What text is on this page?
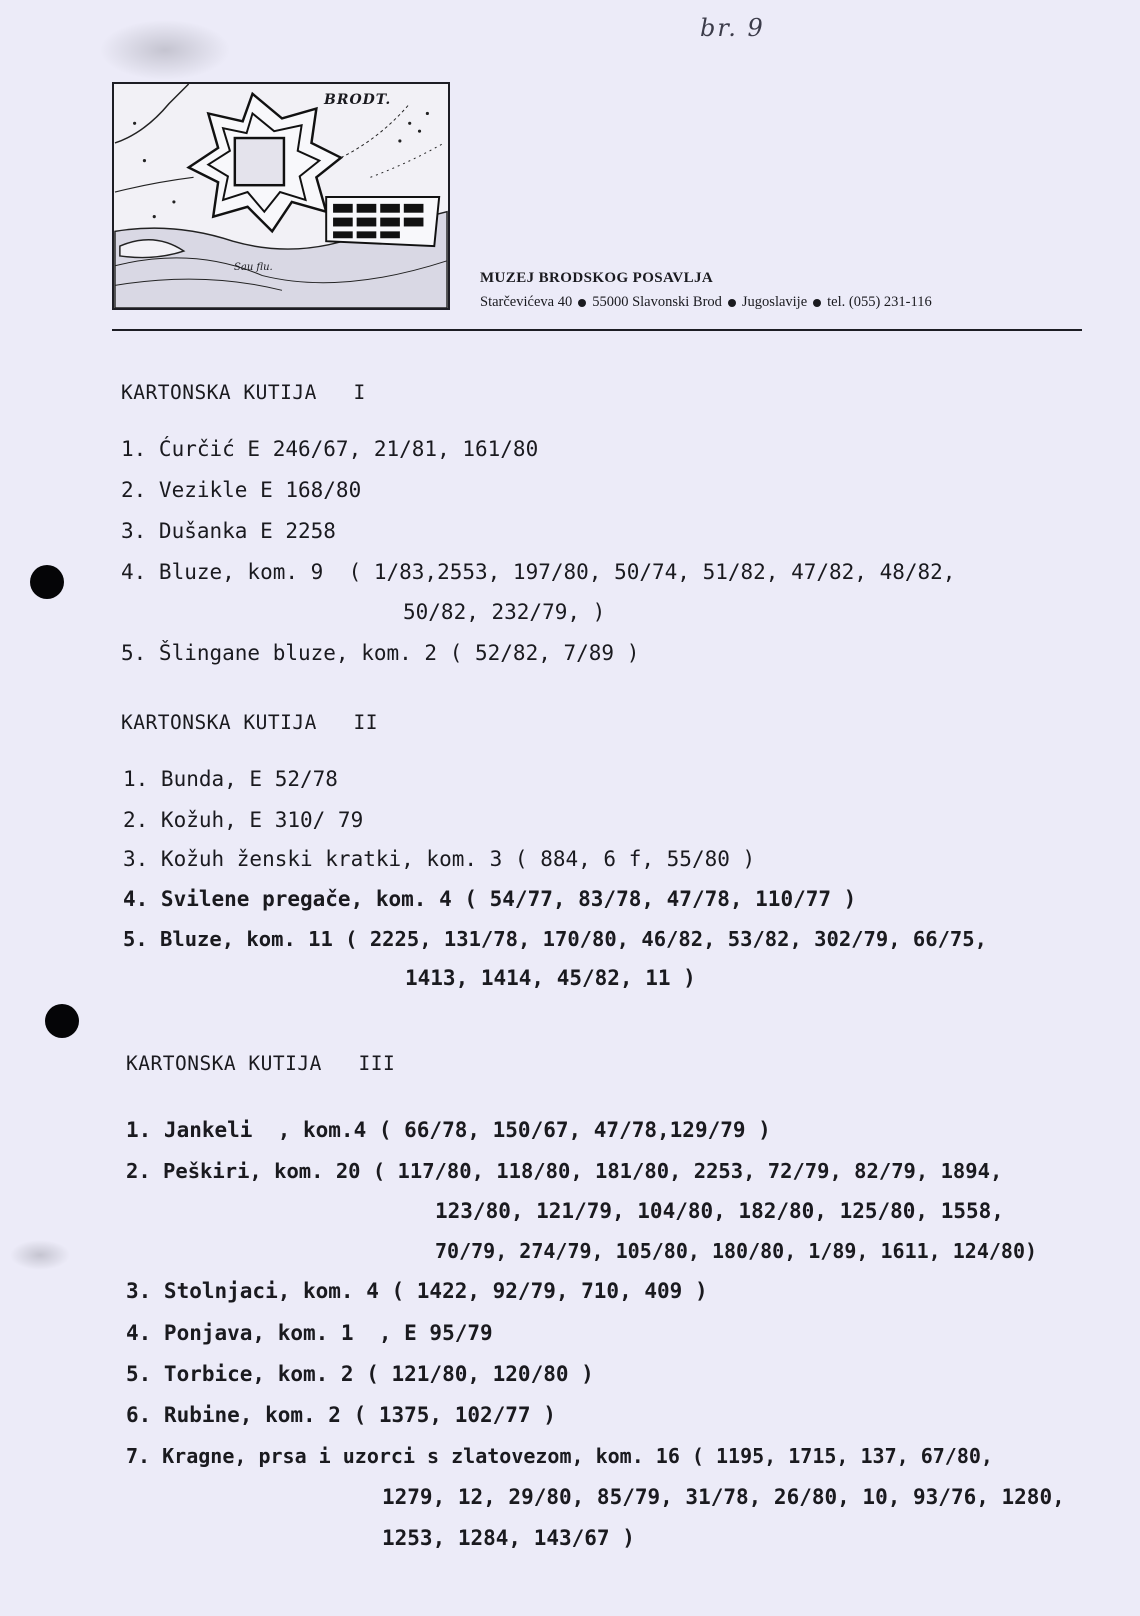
br. 9
BRODT.
Sau flu.
MUZEJ BRODSKOG POSAVLJA
Starčevićeva 40 55000 Slavonski Brod Jugoslavije tel. (055) 231-116
KARTONSKA KUTIJA   I
1. Ćurčić E 246/67, 21/81, 161/80
2. Vezikle E 168/80
3. Dušanka E 2258
4. Bluze, kom. 9  ( 1/83,2553, 197/80, 50/74, 51/82, 47/82, 48/82,
50/82, 232/79, )
5. Šlingane bluze, kom. 2 ( 52/82, 7/89 )
KARTONSKA KUTIJA   II
1. Bunda, E 52/78
2. Kožuh, E 310/ 79
3. Kožuh ženski kratki, kom. 3 ( 884, 6 f, 55/80 )
4. Svilene pregače, kom. 4 ( 54/77, 83/78, 47/78, 110/77 )
5. Bluze, kom. 11 ( 2225, 131/78, 170/80, 46/82, 53/82, 302/79, 66/75,
1413, 1414, 45/82, 11 )
KARTONSKA KUTIJA   III
1. Jankeli  , kom.4 ( 66/78, 150/67, 47/78,129/79 )
2. Peškiri, kom. 20 ( 117/80, 118/80, 181/80, 2253, 72/79, 82/79, 1894,
123/80, 121/79, 104/80, 182/80, 125/80, 1558,
70/79, 274/79, 105/80, 180/80, 1/89, 1611, 124/80)
3. Stolnjaci, kom. 4 ( 1422, 92/79, 710, 409 )
4. Ponjava, kom. 1  , E 95/79
5. Torbice, kom. 2 ( 121/80, 120/80 )
6. Rubine, kom. 2 ( 1375, 102/77 )
7. Kragne, prsa i uzorci s zlatovezom, kom. 16 ( 1195, 1715, 137, 67/80,
1279, 12, 29/80, 85/79, 31/78, 26/80, 10, 93/76, 1280,
1253, 1284, 143/67 )
